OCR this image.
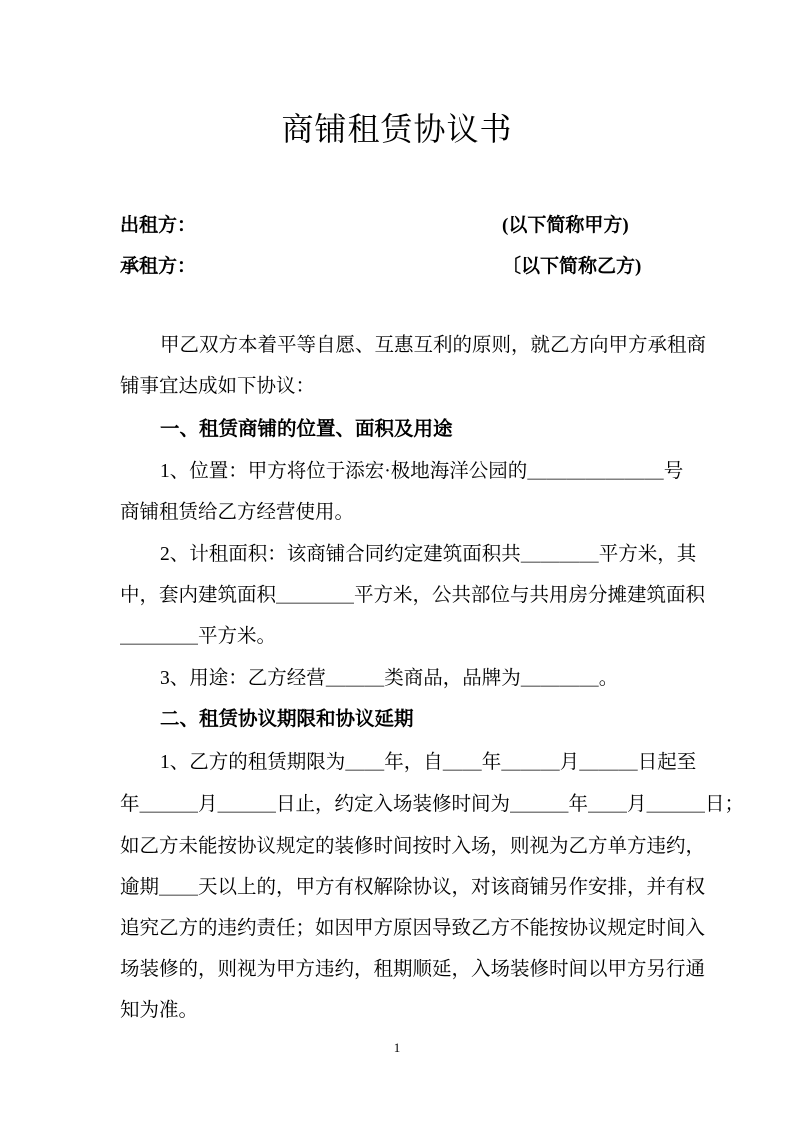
商铺租赁协议书
出租方：	(以下简称甲方)
承租方：	〔以下简称乙方)
甲乙双方本着平等自愿、互惠互利的原则，就乙方向甲方承租商
铺事宜达成如下协议：
一、租赁商铺的位置、面积及用途
1、位置：甲方将位于添宏·极地海洋公园的＿＿＿＿＿＿＿号
商铺租赁给乙方经营使用。
2、计租面积：该商铺合同约定建筑面积共＿＿＿＿平方米，其
中，套内建筑面积＿＿＿＿平方米，公共部位与共用房分摊建筑面积
＿＿＿＿平方米。
3、用途：乙方经营＿＿＿类商品，品牌为＿＿＿＿。
二、租赁协议期限和协议延期
1、乙方的租赁期限为＿＿年，自＿＿年＿＿＿月＿＿＿日起至
年＿＿＿月＿＿＿日止，约定入场装修时间为＿＿＿年＿＿月＿＿＿日；
如乙方未能按协议规定的装修时间按时入场，则视为乙方单方违约，
逾期＿＿天以上的，甲方有权解除协议，对该商铺另作安排，并有权
追究乙方的违约责任；如因甲方原因导致乙方不能按协议规定时间入
场装修的，则视为甲方违约，租期顺延，入场装修时间以甲方另行通
知为准。
1
